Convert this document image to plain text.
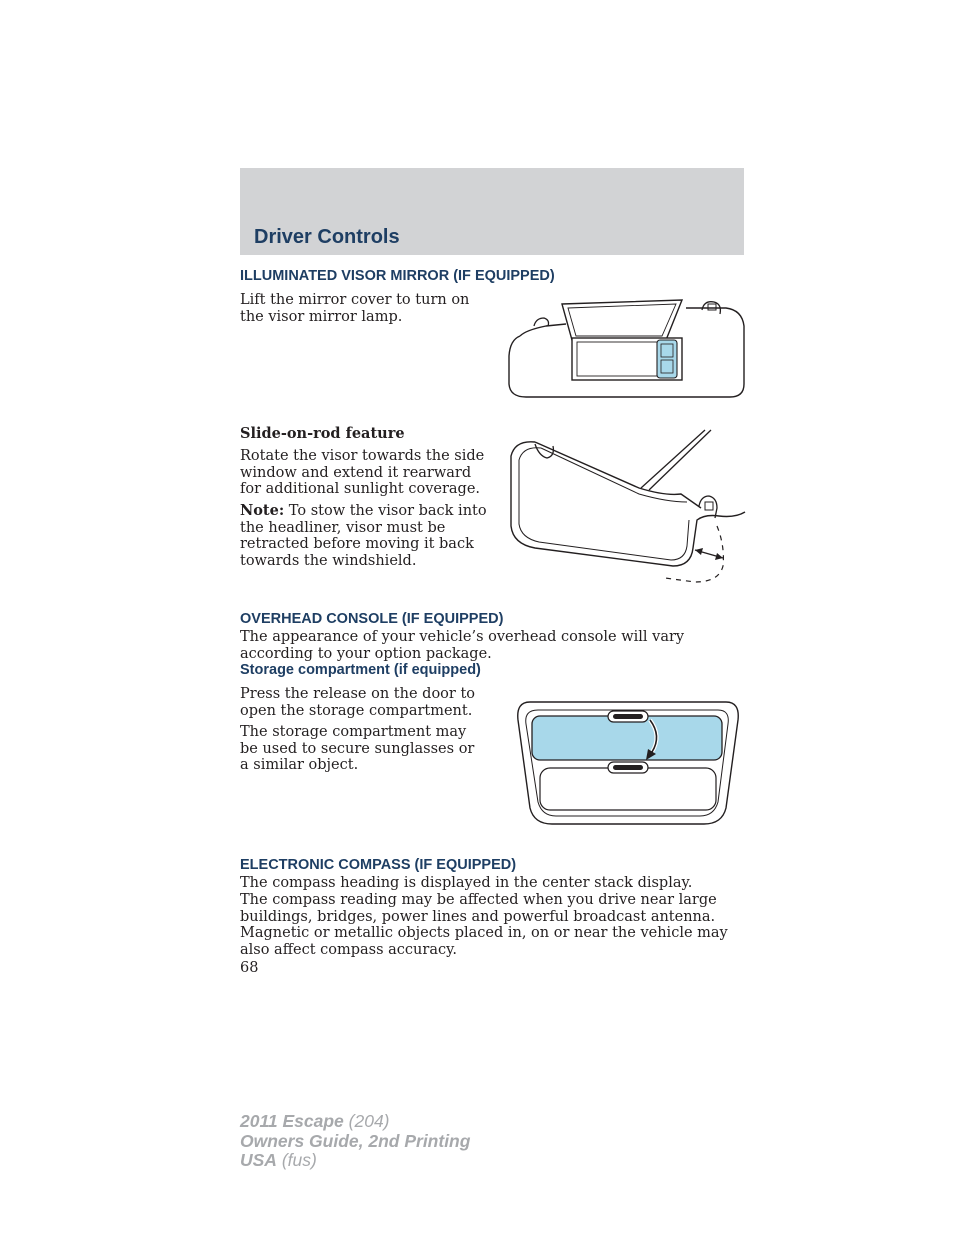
Driver Controls
ILLUMINATED VISOR MIRROR (IF EQUIPPED)

Lift the mirror cover to turn on the visor mirror lamp.

Slide-on-rod feature

Rotate the visor towards the side window and extend it rearward for additional sunlight coverage.

Note: To stow the visor back into the headliner, visor must be retracted before moving it back towards the windshield.

OVERHEAD CONSOLE (IF EQUIPPED)

The appearance of your vehicle’s overhead console will vary according to your option package.

Storage compartment (if equipped)

Press the release on the door to open the storage compartment.

The storage compartment may be used to secure sunglasses or a similar object.

ELECTRONIC COMPASS (IF EQUIPPED)

The compass heading is displayed in the center stack display.

The compass reading may be affected when you drive near large buildings, bridges, power lines and powerful broadcast antenna. Magnetic or metallic objects placed in, on or near the vehicle may also affect compass accuracy.

68
2011 Escape (204)
Owners Guide, 2nd Printing
USA (fus)
